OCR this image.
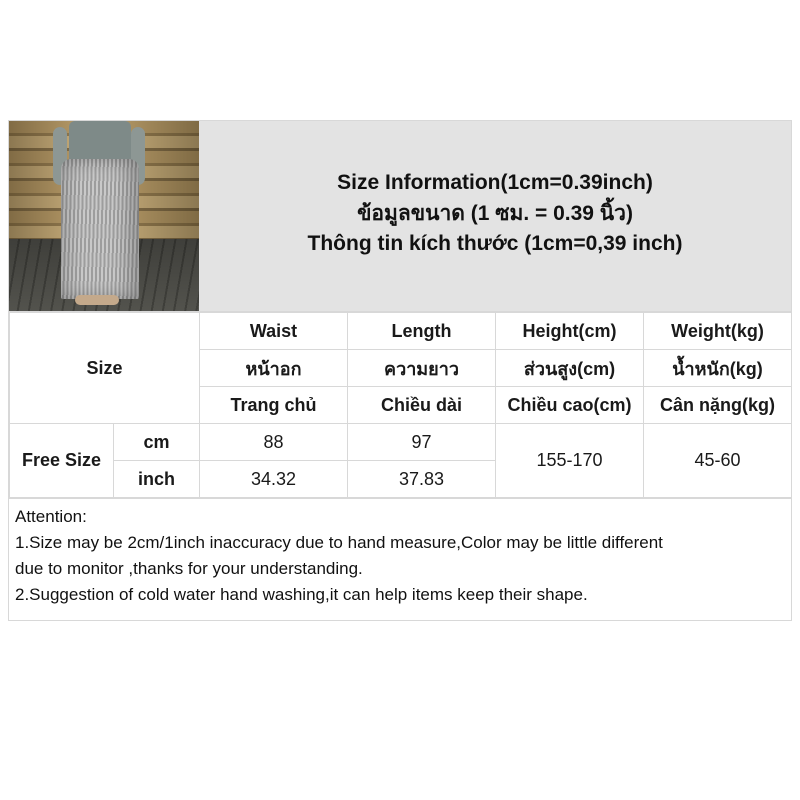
Size Information(1cm=0.39inch)
ข้อมูลขนาด (1 ซม. = 0.39 นิ้ว)
Thông tin kích thước (1cm=0,39 inch)
Size		Waist	Length	Height(cm)	Weight(kg)
		หน้าอก	ความยาว	ส่วนสูง(cm)	น้ำหนัก(kg)
		Trang chủ	Chiều dài	Chiều cao(cm)	Cân nặng(kg)
Free Size	cm	88	97	155-170	45-60
	inch	34.32	37.83		

Attention:

1.Size may be 2cm/1inch inaccuracy due to hand measure,Color may be little different

due to monitor ,thanks for your understanding.

2.Suggestion of cold water hand washing,it can help items keep their shape.
